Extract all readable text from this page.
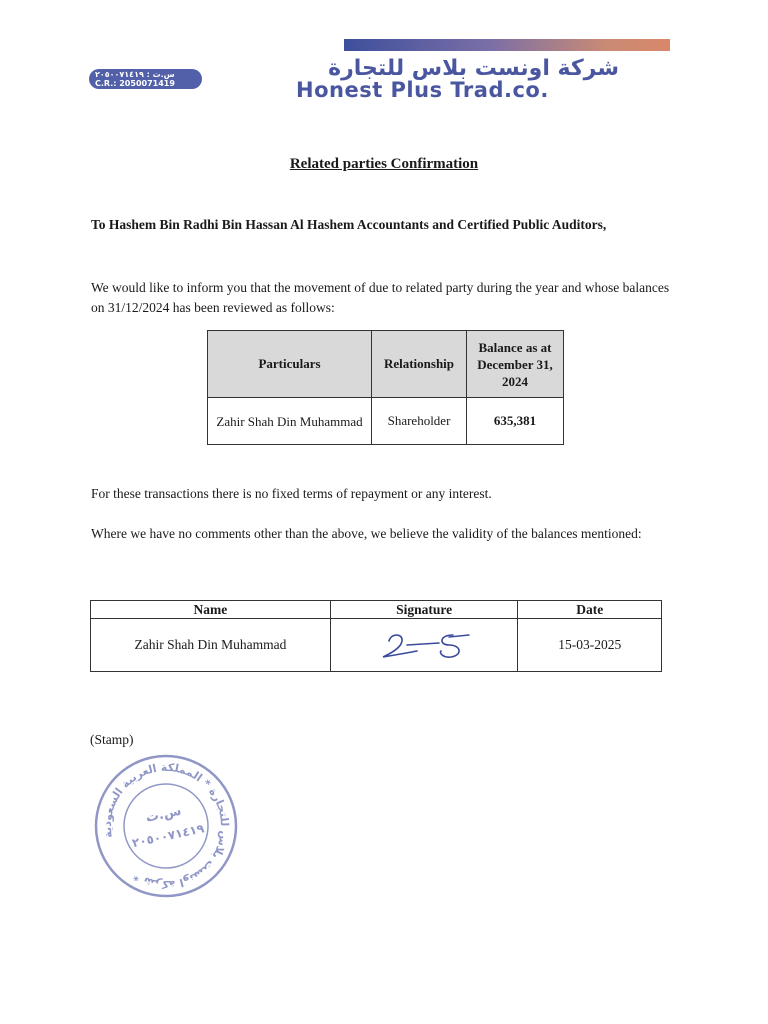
س.ت : ٢٠٥٠٠٧١٤١٩
C.R.: 2050071419
شركة اونست بلاس للتجارة
Honest Plus Trad.co.
Related parties Confirmation
To Hashem Bin Radhi Bin Hassan Al Hashem Accountants and Certified Public Auditors,
We would like to inform you that the movement of due to related party during the year and whose balances on 31/12/2024 has been reviewed as follows:
Particulars	Relationship	Balance as at December 31, 2024
Zahir Shah Din Muhammad	Shareholder	635,381
For these transactions there is no fixed terms of repayment or any interest.
Where we have no comments other than the above, we believe the validity of the balances mentioned:
Name	Signature	Date
Zahir Shah Din Muhammad		15-03-2025
(Stamp)
شركة اونست بلاس للتجارة * المملكة العربية السعودية *
س.ت
٢٠٥٠٠٧١٤١٩
